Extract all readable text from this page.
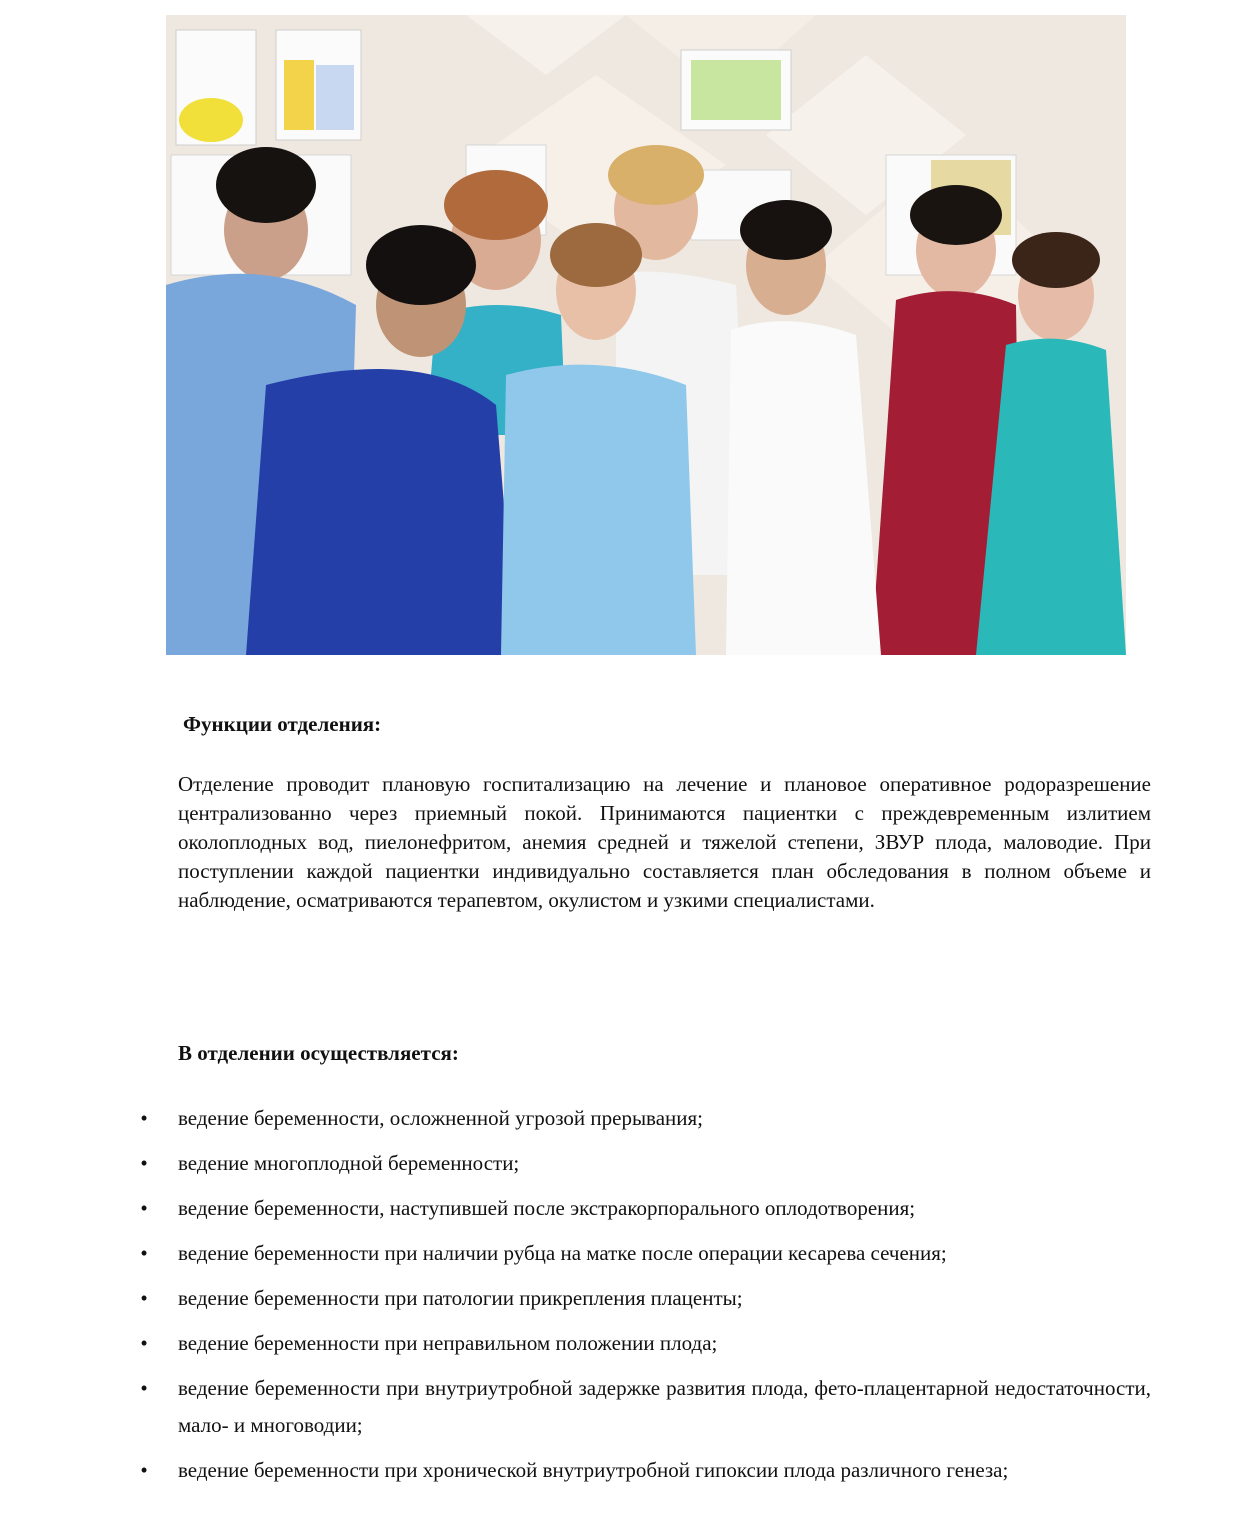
Функции отделения:

Отделение проводит плановую госпитализацию на лечение и плановое оперативное родоразрешение централизованно через приемный покой. Принимаются пациентки с преждевременным излитием околоплодных вод, пиелонефритом, анемия средней и тяжелой степени, ЗВУР плода, маловодие. При поступлении каждой пациентки индивидуально составляется план обследования в полном объеме и наблюдение, осматриваются терапевтом, окулистом и узкими специалистами.

В отделении осуществляется:

• ведение беременности, осложненной угрозой прерывания;
• ведение многоплодной беременности;
• ведение беременности, наступившей после экстракорпорального оплодотворения;
• ведение беременности при наличии рубца на матке после операции кесарева сечения;
• ведение беременности при патологии прикрепления плаценты;
• ведение беременности при неправильном положении плода;
• ведение беременности при внутриутробной задержке развития плода, фето-плацентарной недостаточности, мало- и многоводии;
• ведение беременности при хронической внутриутробной гипоксии плода различного генеза;
